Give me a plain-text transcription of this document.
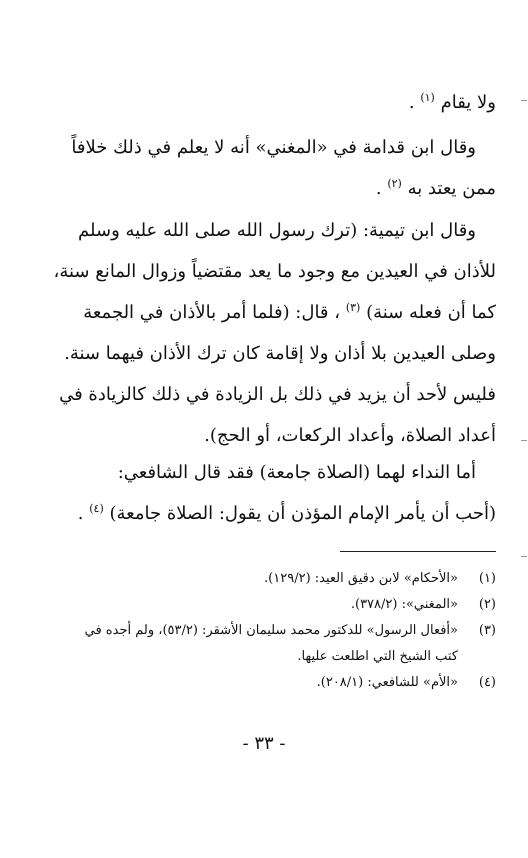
ولا يقام $^{(١)}$ .
وقال ابن قدامة في «المغني» أنه لا يعلم في ذلك خلافاً
ممن يعتد به $^{(٢)}$ .
وقال ابن تيمية: (ترك رسول الله صلى الله عليه وسلم
للأذان في العيدين مع وجود ما يعد مقتضياً وزوال المانع سنة،
كما أن فعله سنة) $^{(٣)}$ ، قال: (فلما أمر بالأذان في الجمعة
وصلى العيدين بلا أذان ولا إقامة كان ترك الأذان فيهما سنة.
فليس لأحد أن يزيد في ذلك بل الزيادة في ذلك كالزيادة في
أعداد الصلاة، وأعداد الركعات، أو الحج).
أما النداء لهما (الصلاة جامعة) فقد قال الشافعي:
(أحب أن يأمر الإمام المؤذن أن يقول: الصلاة جامعة) $^{(٤)}$ .
(١)
«الأحكام» لابن دقيق العيد: (١٢٩/٢).
(٢)
«المغني»: (٣٧٨/٢).
(٣)
«أفعال الرسول» للدكتور محمد سليمان الأشقر: (٥٣/٢)، ولم أجده في
كتب الشيخ التي اطلعت عليها.
(٤)
«الأم» للشافعي: (٢٠٨/١).
- ٣٣ -
